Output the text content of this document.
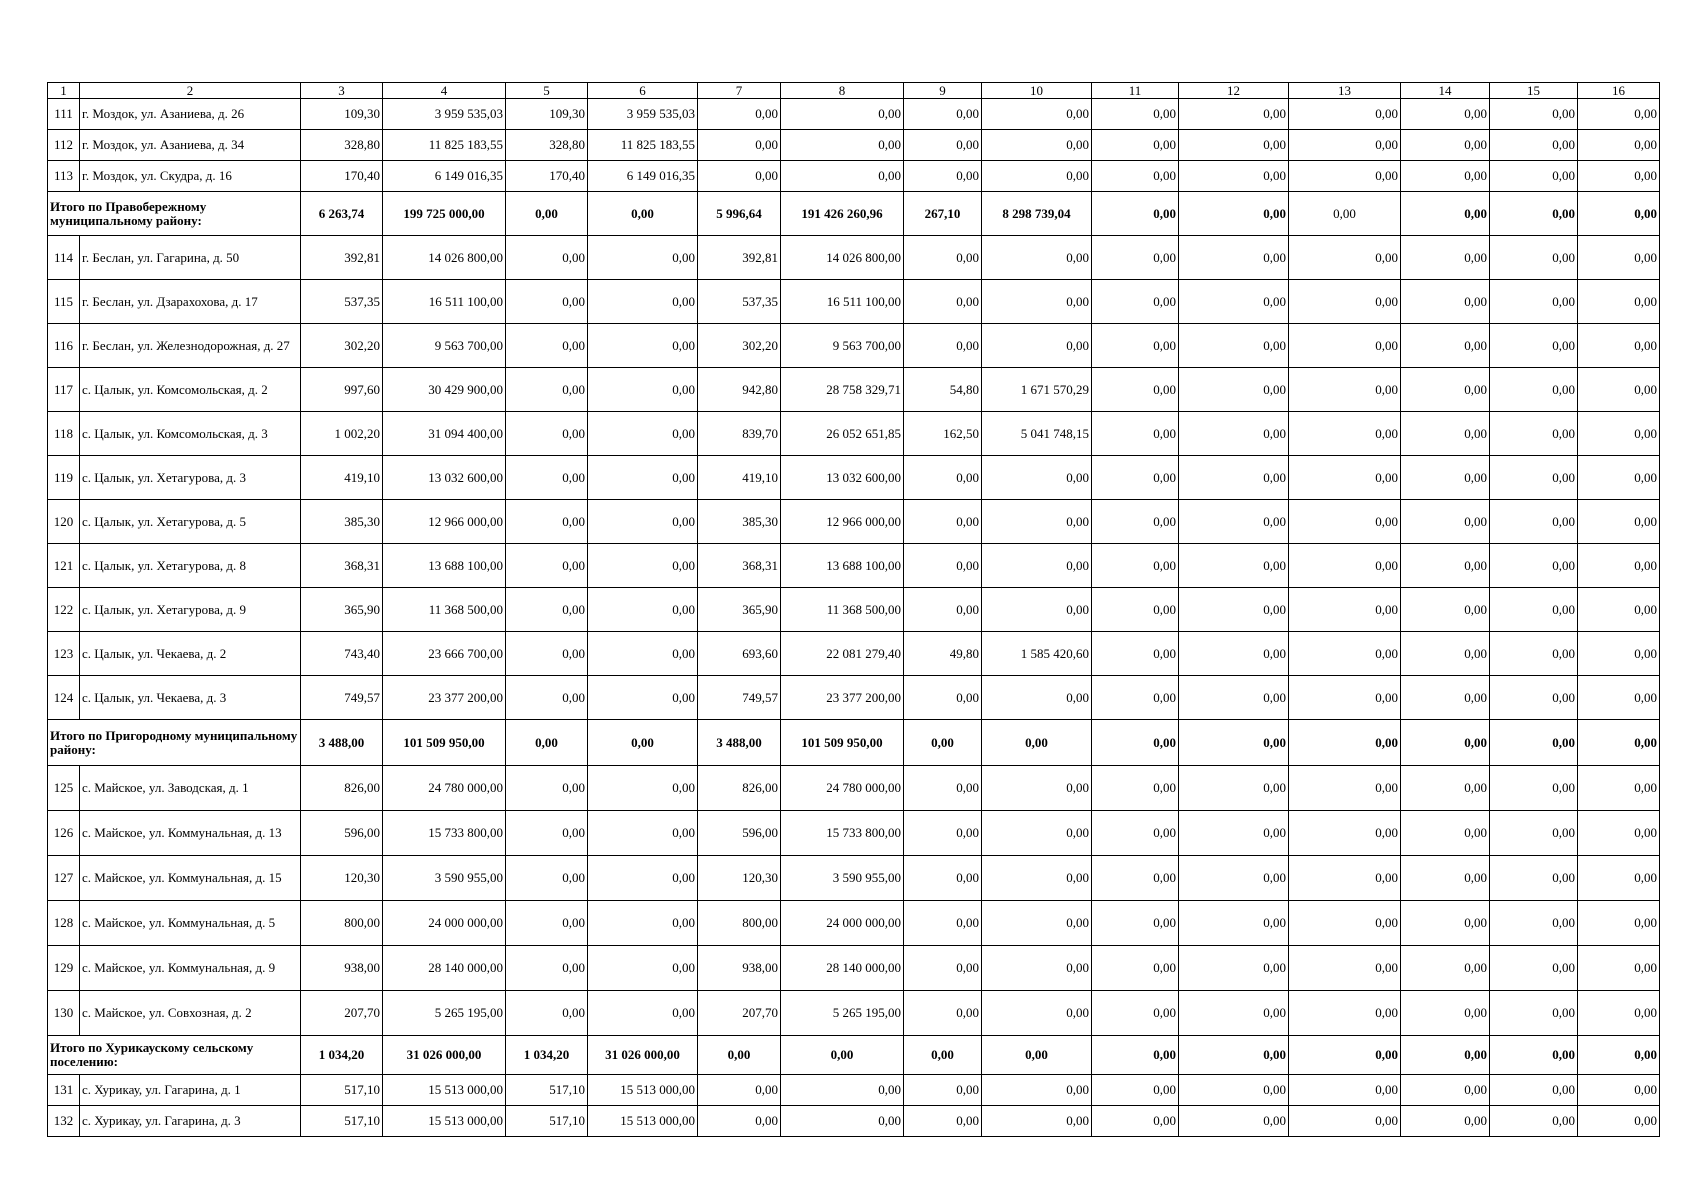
1	2	3	4	5	6	7	8	9	10	11	12	13	14	15	16
111	г. Моздок, ул. Азаниева, д. 26	109,30	3 959 535,03	109,30	3 959 535,03	0,00	0,00	0,00	0,00	0,00	0,00	0,00	0,00	0,00	0,00
112	г. Моздок, ул. Азаниева, д. 34	328,80	11 825 183,55	328,80	11 825 183,55	0,00	0,00	0,00	0,00	0,00	0,00	0,00	0,00	0,00	0,00
113	г. Моздок, ул. Скудра, д. 16	170,40	6 149 016,35	170,40	6 149 016,35	0,00	0,00	0,00	0,00	0,00	0,00	0,00	0,00	0,00	0,00
Итого по Правобережному муниципальному району:		6 263,74	199 725 000,00	0,00	0,00	5 996,64	191 426 260,96	267,10	8 298 739,04	0,00	0,00	0,00	0,00	0,00	0,00
114	г. Беслан, ул. Гагарина, д. 50	392,81	14 026 800,00	0,00	0,00	392,81	14 026 800,00	0,00	0,00	0,00	0,00	0,00	0,00	0,00	0,00
115	г. Беслан, ул. Дзарахохова, д. 17	537,35	16 511 100,00	0,00	0,00	537,35	16 511 100,00	0,00	0,00	0,00	0,00	0,00	0,00	0,00	0,00
116	г. Беслан, ул. Железнодорожная, д. 27	302,20	9 563 700,00	0,00	0,00	302,20	9 563 700,00	0,00	0,00	0,00	0,00	0,00	0,00	0,00	0,00
117	с. Цалык, ул. Комсомольская, д. 2	997,60	30 429 900,00	0,00	0,00	942,80	28 758 329,71	54,80	1 671 570,29	0,00	0,00	0,00	0,00	0,00	0,00
118	с. Цалык, ул. Комсомольская, д. 3	1 002,20	31 094 400,00	0,00	0,00	839,70	26 052 651,85	162,50	5 041 748,15	0,00	0,00	0,00	0,00	0,00	0,00
119	с. Цалык, ул. Хетагурова, д. 3	419,10	13 032 600,00	0,00	0,00	419,10	13 032 600,00	0,00	0,00	0,00	0,00	0,00	0,00	0,00	0,00
120	с. Цалык, ул. Хетагурова, д. 5	385,30	12 966 000,00	0,00	0,00	385,30	12 966 000,00	0,00	0,00	0,00	0,00	0,00	0,00	0,00	0,00
121	с. Цалык, ул. Хетагурова, д. 8	368,31	13 688 100,00	0,00	0,00	368,31	13 688 100,00	0,00	0,00	0,00	0,00	0,00	0,00	0,00	0,00
122	с. Цалык, ул. Хетагурова, д. 9	365,90	11 368 500,00	0,00	0,00	365,90	11 368 500,00	0,00	0,00	0,00	0,00	0,00	0,00	0,00	0,00
123	с. Цалык, ул. Чекаева, д. 2	743,40	23 666 700,00	0,00	0,00	693,60	22 081 279,40	49,80	1 585 420,60	0,00	0,00	0,00	0,00	0,00	0,00
124	с. Цалык, ул. Чекаева, д. 3	749,57	23 377 200,00	0,00	0,00	749,57	23 377 200,00	0,00	0,00	0,00	0,00	0,00	0,00	0,00	0,00
Итого по Пригородному муниципальному району:		3 488,00	101 509 950,00	0,00	0,00	3 488,00	101 509 950,00	0,00	0,00	0,00	0,00	0,00	0,00	0,00	0,00
125	с. Майское, ул. Заводская, д. 1	826,00	24 780 000,00	0,00	0,00	826,00	24 780 000,00	0,00	0,00	0,00	0,00	0,00	0,00	0,00	0,00
126	с. Майское, ул. Коммунальная, д. 13	596,00	15 733 800,00	0,00	0,00	596,00	15 733 800,00	0,00	0,00	0,00	0,00	0,00	0,00	0,00	0,00
127	с. Майское, ул. Коммунальная, д. 15	120,30	3 590 955,00	0,00	0,00	120,30	3 590 955,00	0,00	0,00	0,00	0,00	0,00	0,00	0,00	0,00
128	с. Майское, ул. Коммунальная, д. 5	800,00	24 000 000,00	0,00	0,00	800,00	24 000 000,00	0,00	0,00	0,00	0,00	0,00	0,00	0,00	0,00
129	с. Майское, ул. Коммунальная, д. 9	938,00	28 140 000,00	0,00	0,00	938,00	28 140 000,00	0,00	0,00	0,00	0,00	0,00	0,00	0,00	0,00
130	с. Майское, ул. Совхозная, д. 2	207,70	5 265 195,00	0,00	0,00	207,70	5 265 195,00	0,00	0,00	0,00	0,00	0,00	0,00	0,00	0,00
Итого по Хурикаускому сельскому поселению:		1 034,20	31 026 000,00	1 034,20	31 026 000,00	0,00	0,00	0,00	0,00	0,00	0,00	0,00	0,00	0,00	0,00
131	с. Хурикау, ул. Гагарина, д. 1	517,10	15 513 000,00	517,10	15 513 000,00	0,00	0,00	0,00	0,00	0,00	0,00	0,00	0,00	0,00	0,00
132	с. Хурикау, ул. Гагарина, д. 3	517,10	15 513 000,00	517,10	15 513 000,00	0,00	0,00	0,00	0,00	0,00	0,00	0,00	0,00	0,00	0,00
